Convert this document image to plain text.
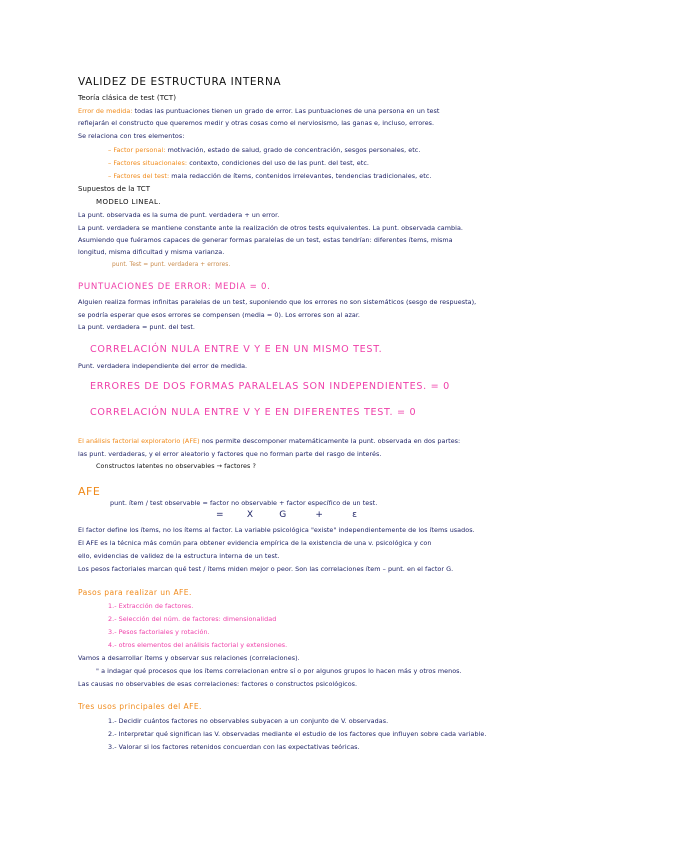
VALIDEZ DE ESTRUCTURA INTERNA
Teoría clásica de test (TCT)
Error de medida: todas las puntuaciones tienen un grado de error. Las puntuaciones de una persona en un test
reflejarán el constructo que queremos medir y otras cosas como el nerviosismo, las ganas e, incluso, errores.
Se relaciona con tres elementos:
– Factor personal: motivación, estado de salud, grado de concentración, sesgos personales, etc.
– Factores situacionales: contexto, condiciones del uso de las punt. del test, etc.
– Factores del test: mala redacción de ítems, contenidos irrelevantes, tendencias tradicionales, etc.
Supuestos de la TCT
MODELO LINEAL.
La punt. observada es la suma de punt. verdadera + un error.
La punt. verdadera se mantiene constante ante la realización de otros tests equivalentes. La punt. observada cambia.
Asumiendo que fuéramos capaces de generar formas paralelas de un test, estas tendrían: diferentes ítems, misma
longitud, misma dificultad y misma varianza.
punt. Test = punt. verdadera + errores.
PUNTUACIONES DE ERROR: MEDIA = 0.
Alguien realiza formas infinitas paralelas de un test, suponiendo que los errores no son sistemáticos (sesgo de respuesta),
se podría esperar que esos errores se compensen (media = 0). Los errores son al azar.
La punt. verdadera = punt. del test.
CORRELACIÓN NULA ENTRE V Y E EN UN MISMO TEST.
Punt. verdadera independiente del error de medida.
ERRORES DE DOS FORMAS PARALELAS SON INDEPENDIENTES. = 0
CORRELACIÓN NULA ENTRE V Y E EN DIFERENTES TEST. = 0
El análisis factorial exploratorio (AFE) nos permite descomponer matemáticamente la punt. observada en dos partes:
las punt. verdaderas, y el error aleatorio y factores que no forman parte del rasgo de interés.
Constructos latentes no observables → factores ?
AFE
punt. ítem / test observable = factor no observable + factor específico de un test.
=        X         G          +          ε
El factor define los ítems, no los ítems al factor. La variable psicológica "existe" independientemente de los ítems usados.
El AFE es la técnica más común para obtener evidencia empírica de la existencia de una v. psicológica y con
ello, evidencias de validez de la estructura interna de un test.
Los pesos factoriales marcan qué test / ítems miden mejor o peor. Son las correlaciones ítem – punt. en el factor G.
Pasos para realizar un AFE.
1.- Extracción de factores.
2.- Selección del núm. de factores: dimensionalidad
3.- Pesos factoriales y rotación.
4.- otros elementos del análisis factorial y extensiones.
Vamos a desarrollar ítems y observar sus relaciones (correlaciones).
" a indagar qué procesos que los ítems correlacionan entre sí o por algunos grupos lo hacen más y otros menos.
Las causas no observables de esas correlaciones: factores o constructos psicológicos.
Tres usos principales del AFE.
1.- Decidir cuántos factores no observables subyacen a un conjunto de V. observadas.
2.- Interpretar qué significan las V. observadas mediante el estudio de los factores que influyen sobre cada variable.
3.- Valorar si los factores retenidos concuerdan con las expectativas teóricas.
